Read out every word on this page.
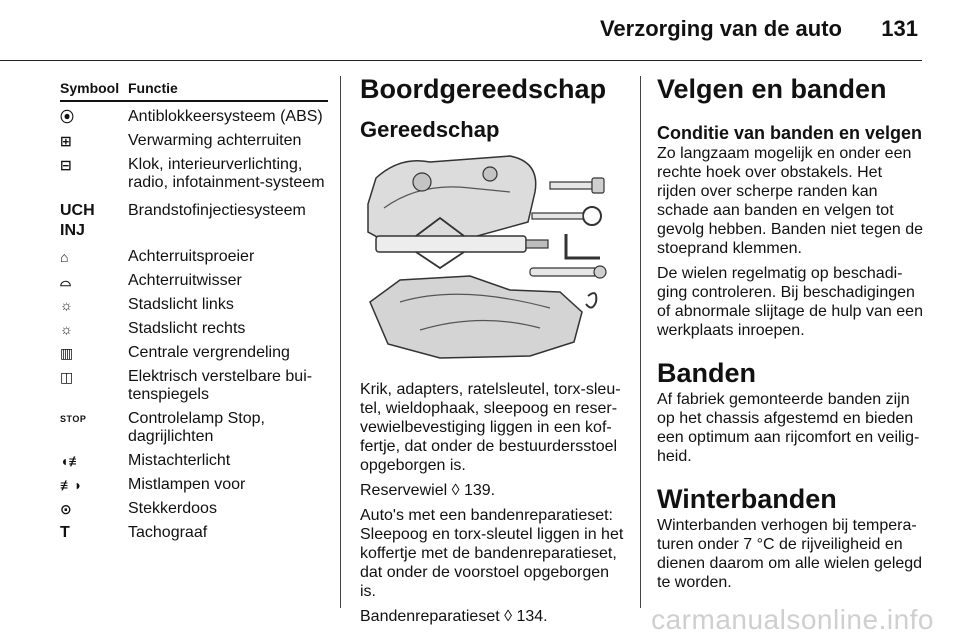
Verzorging van de auto 131
Symbool Functie
⦿	Antiblokkeersysteem (ABS)
⊞	Verwarming achterruiten
⊟	Klok, interieurverlichting, radio, infotainment-systeem
UCH	Brandstofinjectiesysteem
INJ
⌂	Achterruitsproeier
⌓	Achterruitwisser
☼	Stadslicht links
☼	Stadslicht rechts
▥	Centrale vergrendeling
◫	Elektrisch verstelbare bui-tenspiegels
STOP	Controlelamp Stop, dagrijlichten
◖≢	Mistachterlicht
≢◗	Mistlampen voor
⊙	Stekkerdoos
T	Tachograaf
Boordgereedschap
Gereedschap

Krik, adapters, ratelsleutel, torx-sleu-tel, wieldophaak, sleepoog en reser-vewielbevestiging liggen in een kof-fertje, dat onder de bestuurdersstoel opgeborgen is.

Reservewiel ◊ 139.

Auto's met een bandenreparatieset: Sleepoog en torx-sleutel liggen in het koffertje met de bandenreparatieset, dat onder de voorstoel opgeborgen is.

Bandenreparatieset ◊ 134.

Velgen en banden
Conditie van banden en velgen

Zo langzaam mogelijk en onder een rechte hoek over obstakels. Het rijden over scherpe randen kan schade aan banden en velgen tot gevolg hebben. Banden niet tegen de stoeprand klemmen.

De wielen regelmatig op beschadi-ging controleren. Bij beschadigingen of abnormale slijtage de hulp van een werkplaats inroepen.

Banden

Af fabriek gemonteerde banden zijn op het chassis afgestemd en bieden een optimum aan rijcomfort en veilig-heid.

Winterbanden

Winterbanden verhogen bij tempera-turen onder 7 °C de rijveiligheid en dienen daarom om alle wielen gelegd te worden.

carmanualsonline.info
